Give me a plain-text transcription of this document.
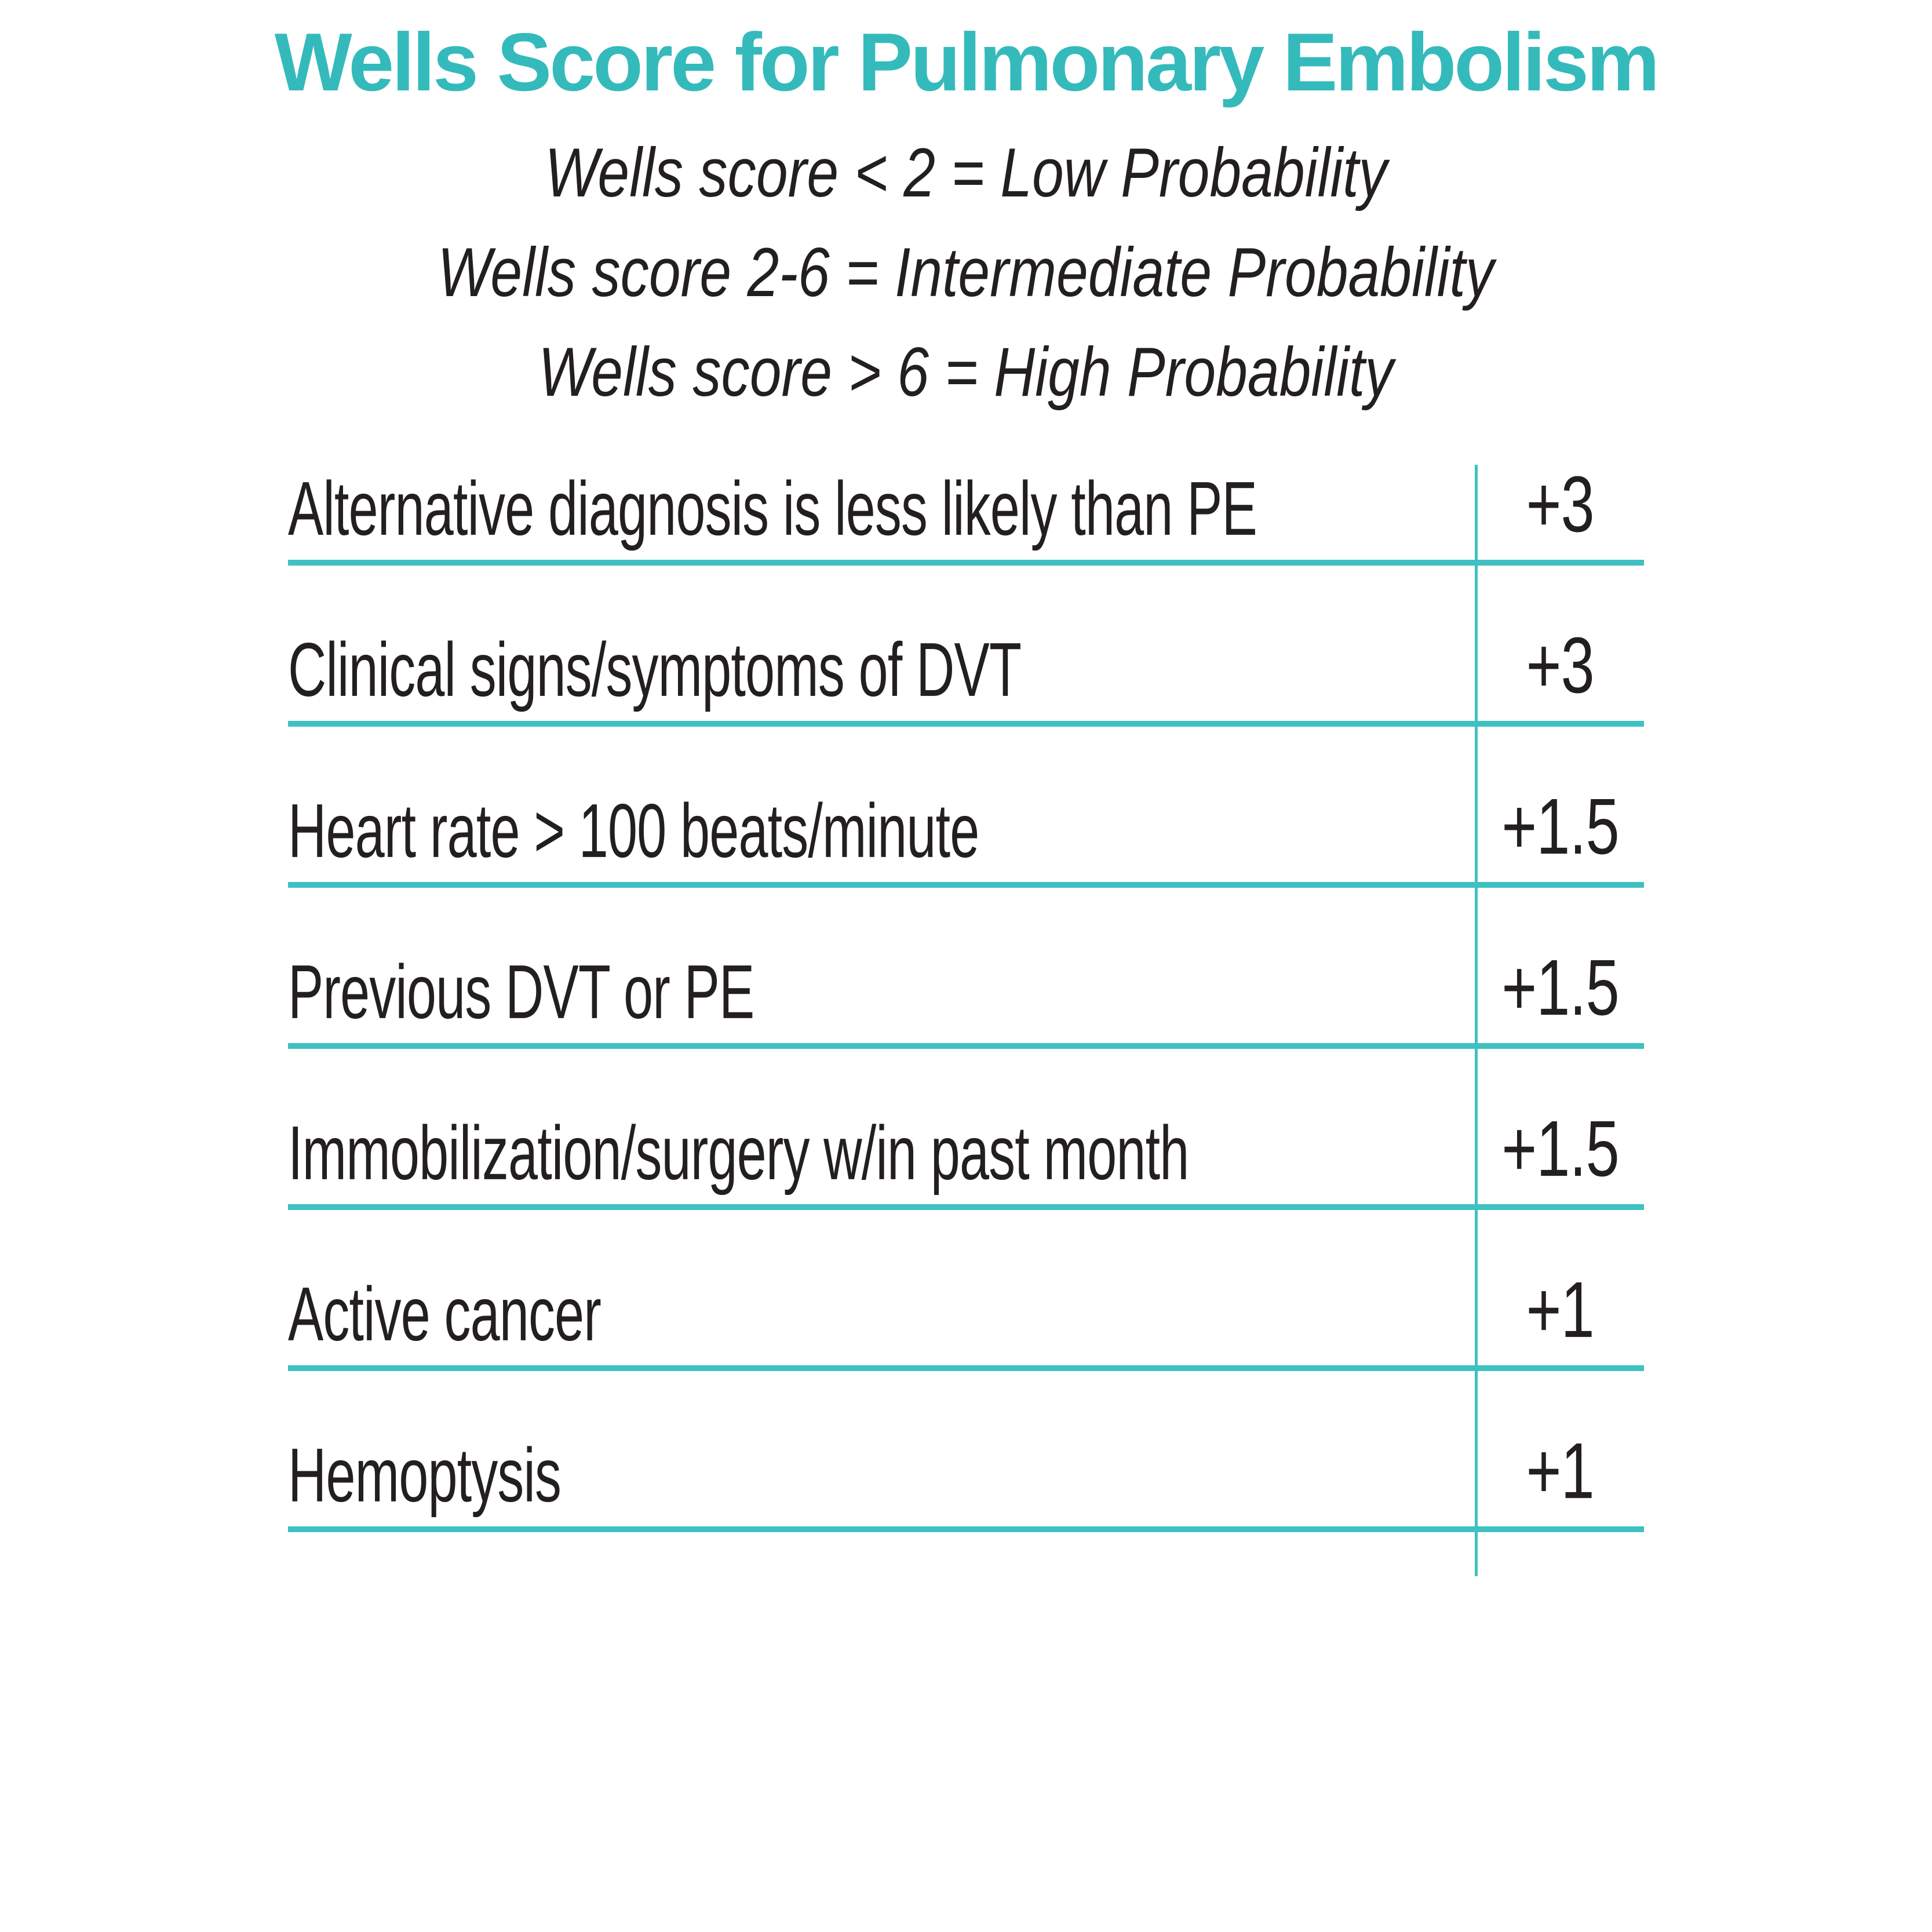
Wells Score for Pulmonary Embolism
Wells score < 2 = Low Probability
Wells score 2-6 = Intermediate Probability
Wells score > 6 = High Probability
Alternative diagnosis is less likely than PE	+3
Clinical signs/symptoms of DVT	+3
Heart rate > 100 beats/minute	+1.5
Previous DVT or PE	+1.5
Immobilization/surgery w/in past month	+1.5
Active cancer	+1
Hemoptysis	+1
